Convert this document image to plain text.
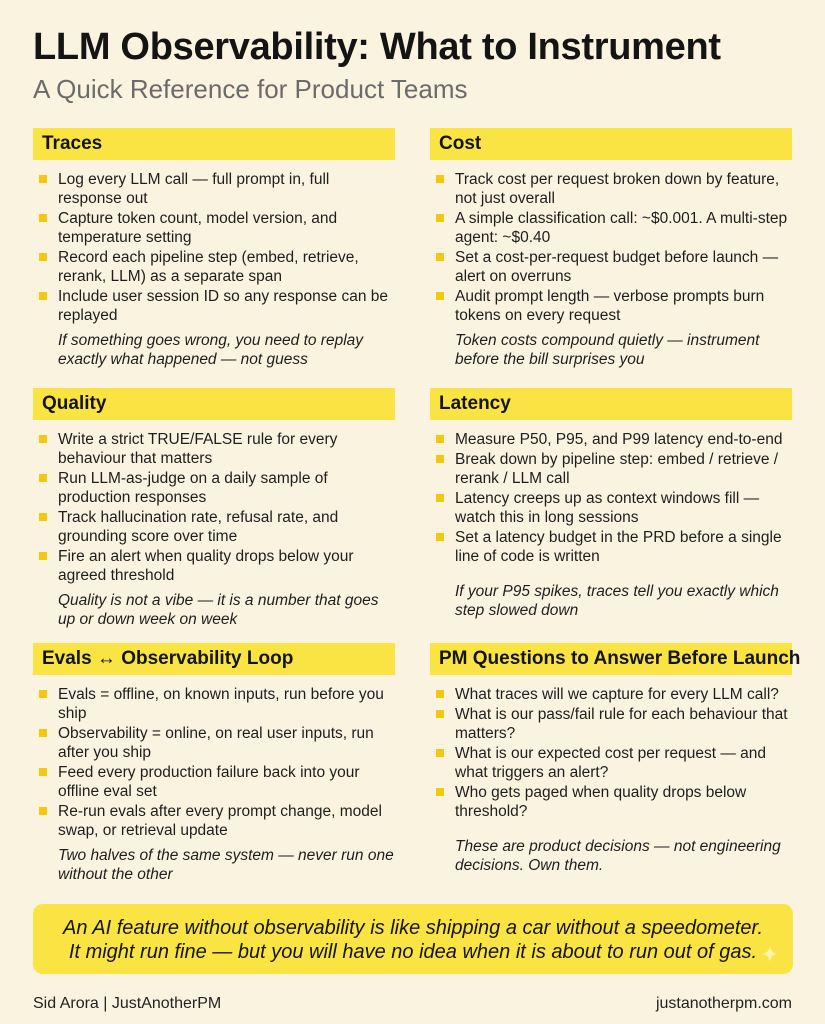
LLM Observability: What to Instrument
A Quick Reference for Product Teams
Traces
Log every LLM call — full prompt in, full response out
Capture token count, model version, and temperature setting
Record each pipeline step (embed, retrieve, rerank, LLM) as a separate span
Include user session ID so any response can be replayed
If something goes wrong, you need to replay exactly what happened — not guess
Cost
Track cost per request broken down by feature, not just overall
A simple classification call: ~$0.001. A multi-step agent: ~$0.40
Set a cost-per-request budget before launch — alert on overruns
Audit prompt length — verbose prompts burn tokens on every request
Token costs compound quietly — instrument before the bill surprises you
Quality
Write a strict TRUE/FALSE rule for every behaviour that matters
Run LLM-as-judge on a daily sample of production responses
Track hallucination rate, refusal rate, and grounding score over time
Fire an alert when quality drops below your agreed threshold
Quality is not a vibe — it is a number that goes up or down week on week
Latency
Measure P50, P95, and P99 latency end-to-end
Break down by pipeline step: embed / retrieve / rerank / LLM call
Latency creeps up as context windows fill — watch this in long sessions
Set a latency budget in the PRD before a single line of code is written
If your P95 spikes, traces tell you exactly which step slowed down
Evals ↔ Observability Loop
Evals = offline, on known inputs, run before you ship
Observability = online, on real user inputs, run after you ship
Feed every production failure back into your offline eval set
Re-run evals after every prompt change, model swap, or retrieval update
Two halves of the same system — never run one without the other
PM Questions to Answer Before Launch
What traces will we capture for every LLM call?
What is our pass/fail rule for each behaviour that matters?
What is our expected cost per request — and what triggers an alert?
Who gets paged when quality drops below threshold?
These are product decisions — not engineering decisions. Own them.
An AI feature without observability is like shipping a car without a speedometer.
It might run fine — but you will have no idea when it is about to run out of gas. ✦
Sid Arora | JustAnotherPM	justanotherpm.com
